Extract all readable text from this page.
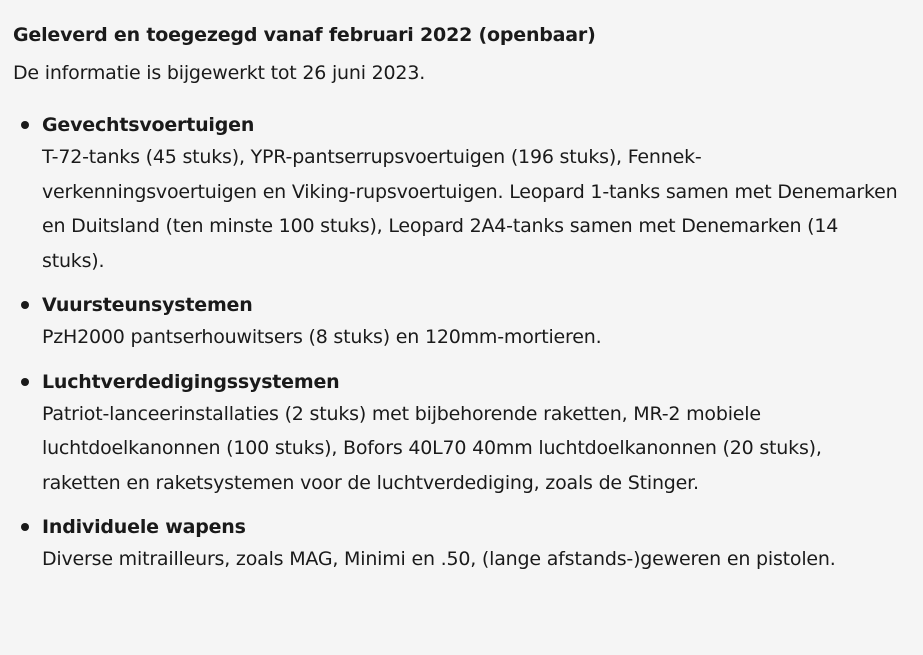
Geleverd en toegezegd vanaf februari 2022 (openbaar)

De informatie is bijgewerkt tot 26 juni 2023.

Gevechtsvoertuigen

T-72-tanks (45 stuks), YPR-pantserrupsvoertuigen (196 stuks), Fennek-verkenningsvoertuigen en Viking-rupsvoertuigen. Leopard 1-tanks samen met Denemarken en Duitsland (ten minste 100 stuks), Leopard 2A4-tanks samen met Denemarken (14 stuks).

Vuursteunsystemen

PzH2000 pantserhouwitsers (8 stuks) en 120mm-mortieren.

Luchtverdedigingssystemen

Patriot-lanceerinstallaties (2 stuks) met bijbehorende raketten, MR-2 mobiele luchtdoelkanonnen (100 stuks), Bofors 40L70 40mm luchtdoelkanonnen (20 stuks), raketten en raketsystemen voor de luchtverdediging, zoals de Stinger.

Individuele wapens

Diverse mitrailleurs, zoals MAG, Minimi en .50, (lange afstands-)geweren en pistolen.
